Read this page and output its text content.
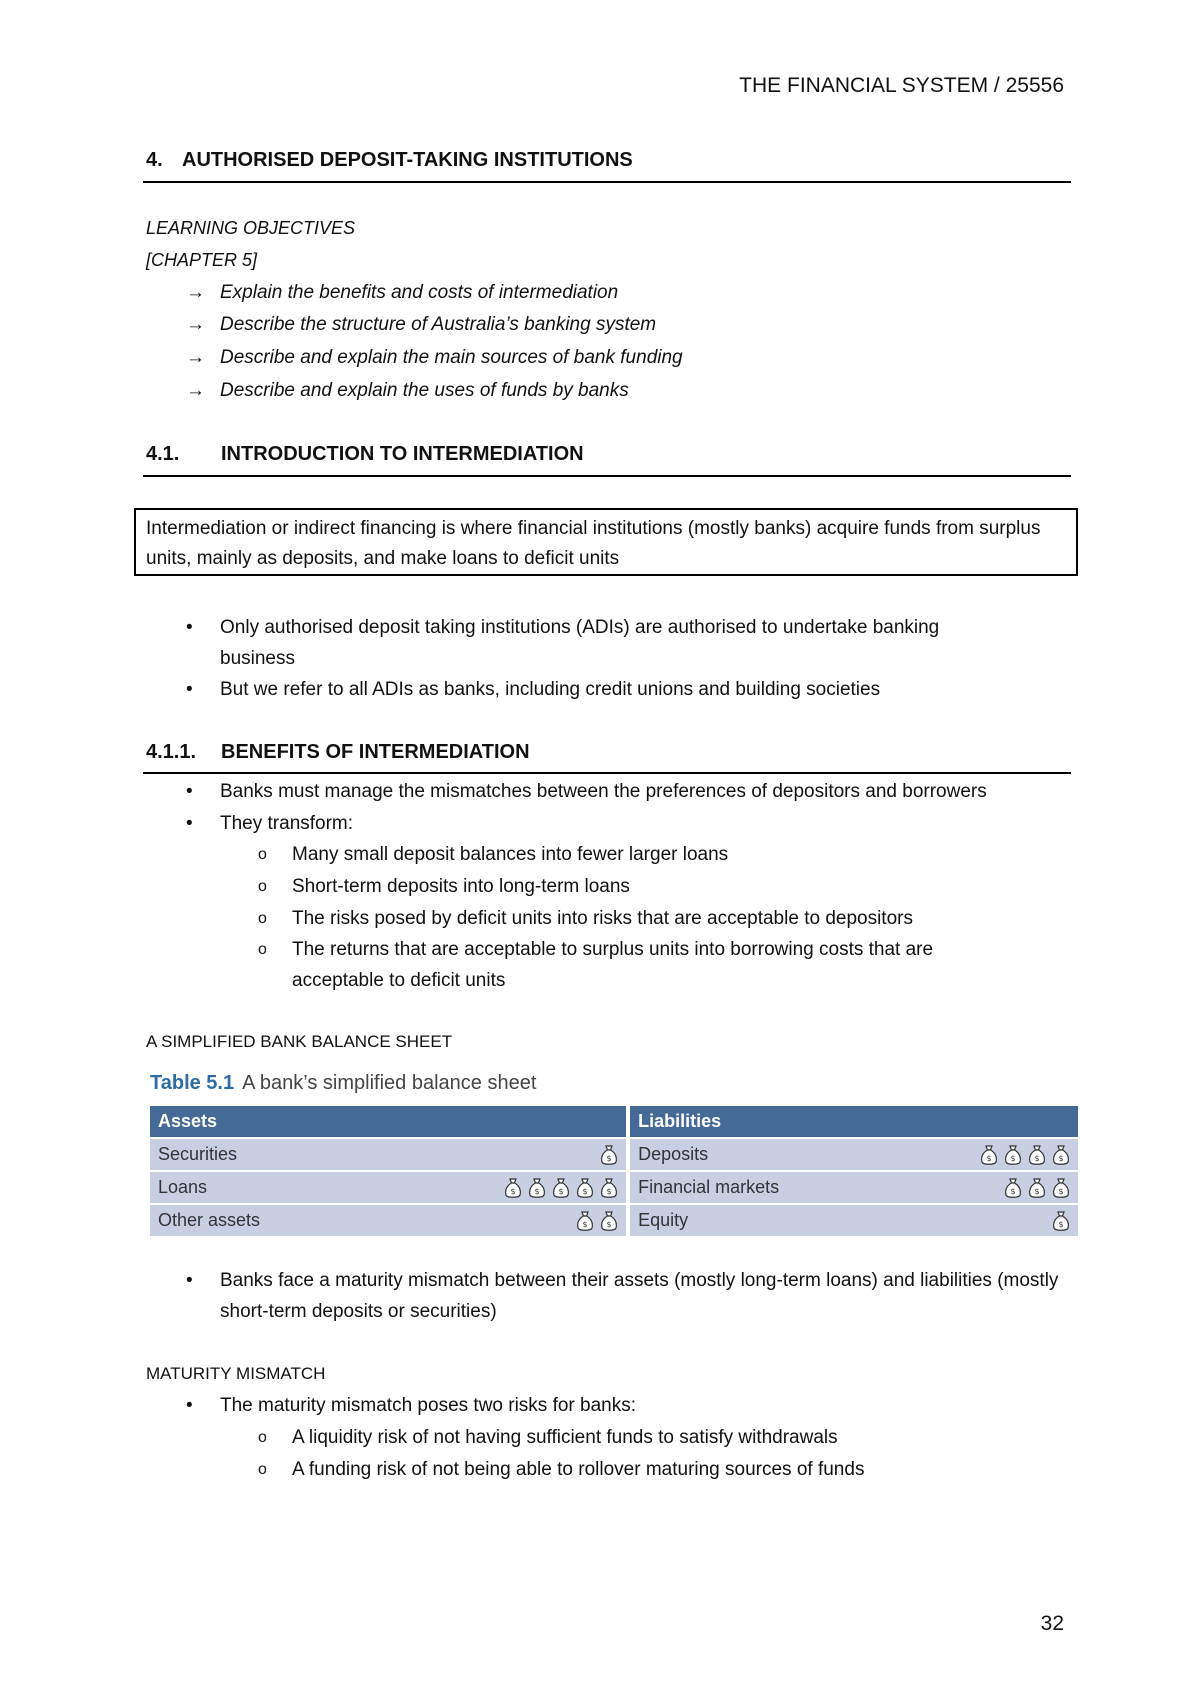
THE FINANCIAL SYSTEM / 25556
4. AUTHORISED DEPOSIT-TAKING INSTITUTIONS
LEARNING OBJECTIVES
[CHAPTER 5]
→ Explain the benefits and costs of intermediation
→ Describe the structure of Australia’s banking system
→ Describe and explain the main sources of bank funding
→ Describe and explain the uses of funds by banks
4.1. INTRODUCTION TO INTERMEDIATION
Intermediation or indirect financing is where financial institutions (mostly banks) acquire funds from surplus units, mainly as deposits, and make loans to deficit units
• Only authorised deposit taking institutions (ADIs) are authorised to undertake banking business
• But we refer to all ADIs as banks, including credit unions and building societies
4.1.1. BENEFITS OF INTERMEDIATION
• Banks must manage the mismatches between the preferences of depositors and borrowers
• They transform:
o Many small deposit balances into fewer larger loans
o Short-term deposits into long-term loans
o The risks posed by deficit units into risks that are acceptable to depositors
o The returns that are acceptable to surplus units into borrowing costs that are acceptable to deficit units
A SIMPLIFIED BANK BALANCE SHEET
Table 5.1 A bank’s simplified balance sheet
Assets			Liabilities	
Securities	$		Deposits	$ $ $ $

Loans	$ $ $ $ $		Financial markets	$ $ $

Other assets	$ $		Equity	$
• Banks face a maturity mismatch between their assets (mostly long-term loans) and liabilities (mostly short-term deposits or securities)
MATURITY MISMATCH
• The maturity mismatch poses two risks for banks:
o A liquidity risk of not having sufficient funds to satisfy withdrawals
o A funding risk of not being able to rollover maturing sources of funds
32
